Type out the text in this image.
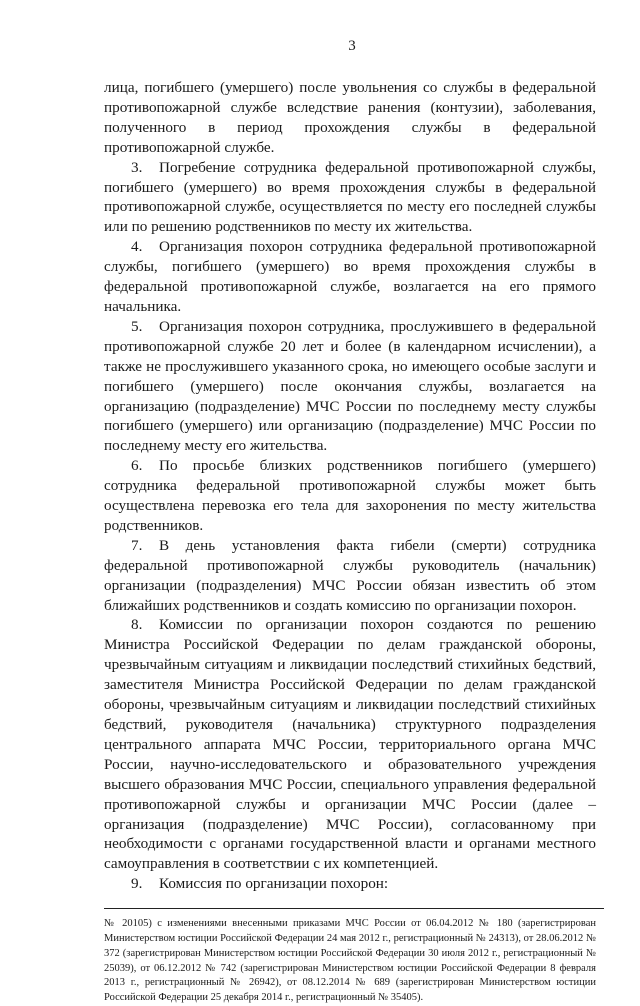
3

лица, погибшего (умершего) после увольнения со службы в федеральной противопожарной службе вследствие ранения (контузии), заболевания, полученного в период прохождения службы в федеральной противопожарной службе.

3. Погребение сотрудника федеральной противопожарной службы, погибшего (умершего) во время прохождения службы в федеральной противопожарной службе, осуществляется по месту его последней службы или по решению родственников по месту их жительства.

4. Организация похорон сотрудника федеральной противопожарной службы, погибшего (умершего) во время прохождения службы в федеральной противопожарной службе, возлагается на его прямого начальника.

5. Организация похорон сотрудника, прослужившего в федеральной противопожарной службе 20 лет и более (в календарном исчислении), а также не прослужившего указанного срока, но имеющего особые заслуги и погибшего (умершего) после окончания службы, возлагается на организацию (подразделение) МЧС России по последнему месту службы погибшего (умершего) или организацию (подразделение) МЧС России по последнему месту его жительства.

6. По просьбе близких родственников погибшего (умершего) сотрудника федеральной противопожарной службы может быть осуществлена перевозка его тела для захоронения по месту жительства родственников.

7. В день установления факта гибели (смерти) сотрудника федеральной противопожарной службы руководитель (начальник) организации (подразделения) МЧС России обязан известить об этом ближайших родственников и создать комиссию по организации похорон.

8. Комиссии по организации похорон создаются по решению Министра Российской Федерации по делам гражданской обороны, чрезвычайным ситуациям и ликвидации последствий стихийных бедствий, заместителя Министра Российской Федерации по делам гражданской обороны, чрезвычайным ситуациям и ликвидации последствий стихийных бедствий, руководителя (начальника) структурного подразделения центрального аппарата МЧС России, территориального органа МЧС России, научно-исследовательского и образовательного учреждения высшего образования МЧС России, специального управления федеральной противопожарной службы и организации МЧС России (далее – организация (подразделение) МЧС России), согласованному при необходимости с органами государственной власти и органами местного самоуправления в соответствии с их компетенцией.

9. Комиссия по организации похорон:

№ 20105) с изменениями внесенными приказами МЧС России от 06.04.2012 № 180 (зарегистрирован Министерством юстиции Российской Федерации 24 мая 2012 г., регистрационный № 24313), от 28.06.2012 № 372 (зарегистрирован Министерством юстиции Российской Федерации 30 июля 2012 г., регистрационный № 25039), от 06.12.2012 № 742 (зарегистрирован Министерством юстиции Российской Федерации 8 февраля 2013 г., регистрационный № 26942), от 08.12.2014 № 689 (зарегистрирован Министерством юстиции Российской Федерации 25 декабря 2014 г., регистрационный № 35405).
